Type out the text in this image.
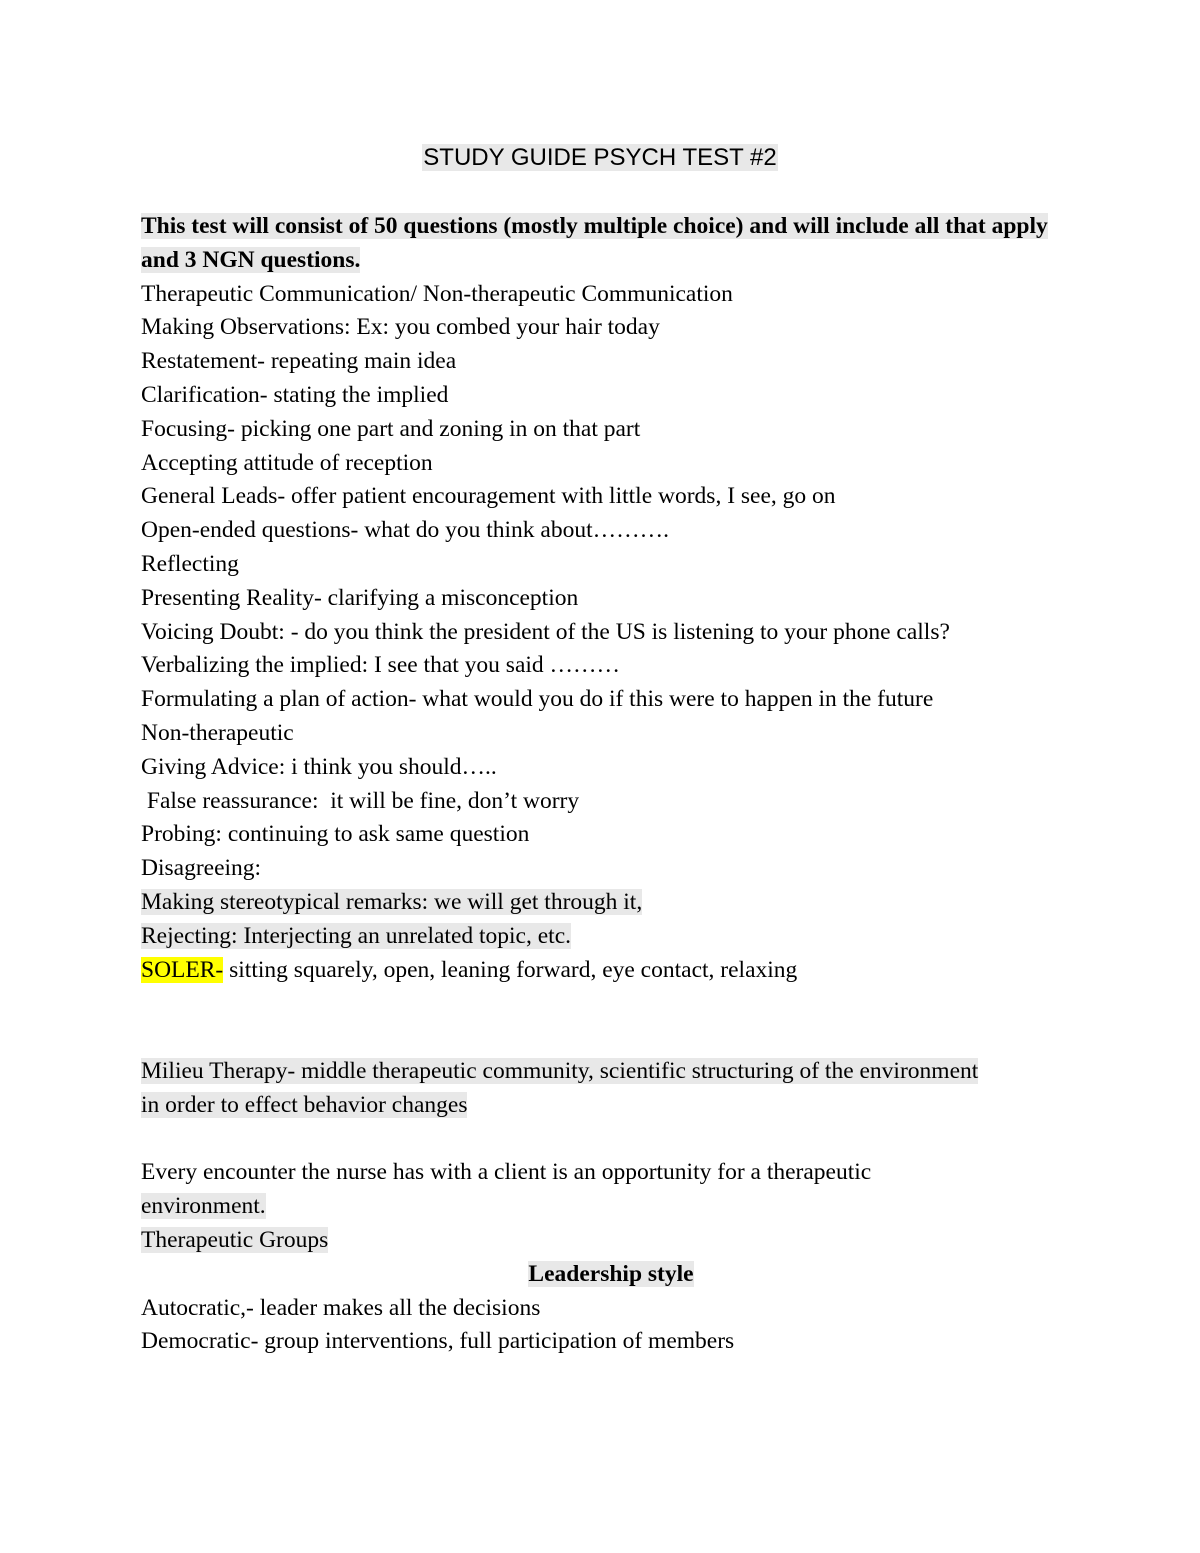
STUDY GUIDE PSYCH TEST #2
This test will consist of 50 questions (mostly multiple choice) and will include all that apply and 3 NGN questions.
Therapeutic Communication/ Non-therapeutic Communication
Making Observations: Ex: you combed your hair today
Restatement- repeating main idea
Clarification- stating the implied
Focusing- picking one part and zoning in on that part
Accepting attitude of reception
General Leads- offer patient encouragement with little words, I see, go on
Open-ended questions- what do you think about……….
Reflecting
Presenting Reality- clarifying a misconception
Voicing Doubt: - do you think the president of the US is listening to your phone calls?
Verbalizing the implied: I see that you said ………
Formulating a plan of action- what would you do if this were to happen in the future
Non-therapeutic
Giving Advice: i think you should…..
False reassurance:  it will be fine, don’t worry
Probing: continuing to ask same question
Disagreeing:
Making stereotypical remarks: we will get through it,
Rejecting: Interjecting an unrelated topic, etc.
SOLER- sitting squarely, open, leaning forward, eye contact, relaxing
Milieu Therapy- middle therapeutic community, scientific structuring of the environment
in order to effect behavior changes
Every encounter the nurse has with a client is an opportunity for a therapeutic
environment.
Therapeutic Groups
Leadership style
Autocratic,- leader makes all the decisions
Democratic- group interventions, full participation of members
